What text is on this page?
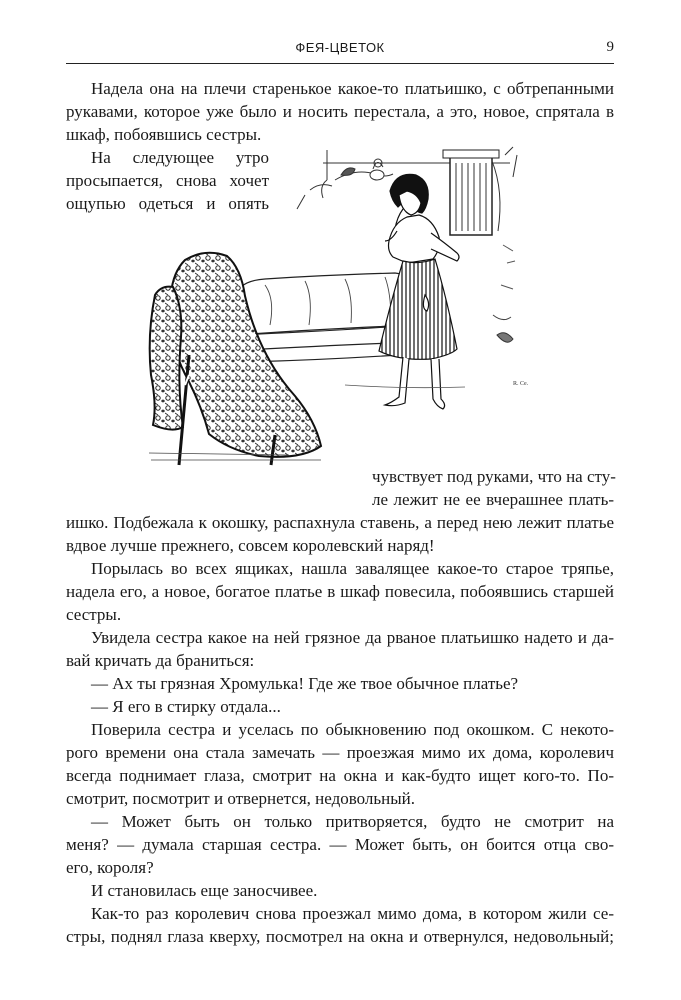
ФЕЯ-ЦВЕТОК	9
Надела она на плечи старенькое какое-то платьишко, с обтрепанными
рукавами, которое уже было и носить перестала, а это, новое, спрятала в
шкаф, побоявшись сестры.
На следующее утро
просыпается, снова хочет
ощупью одеться и опять
чувствует под руками, что на сту-
ле лежит не ее вчерашнее плать-
ишко. Подбежала к окошку, распахнула ставень, а перед нею лежит платье
вдвое лучше прежнего, совсем королевский наряд!
Порылась во всех ящиках, нашла завалящее какое-то старое тряпье,
надела его, а новое, богатое платье в шкаф повесила, побоявшись старшей
сестры.
Увидела сестра какое на ней грязное да рваное платьишко надето и да-
вай кричать да браниться:
— Ах ты грязная Хромулька! Где же твое обычное платье?
— Я его в стирку отдала...
Поверила сестра и уселась по обыкновению под окошком. С некото-
рого времени она стала замечать — проезжая мимо их дома, королевич
всегда поднимает глаза, смотрит на окна и как-будто ищет кого-то. По-
смотрит, посмотрит и отвернется, недовольный.
— Может быть он только притворяется, будто не смотрит на
меня? — думала старшая сестра. — Может быть, он боится отца сво-
его, короля?
И становилась еще заносчивее.
Как-то раз королевич снова проезжал мимо дома, в котором жили се-
стры, поднял глаза кверху, посмотрел на окна и отвернулся, недовольный;
R. Ce.
